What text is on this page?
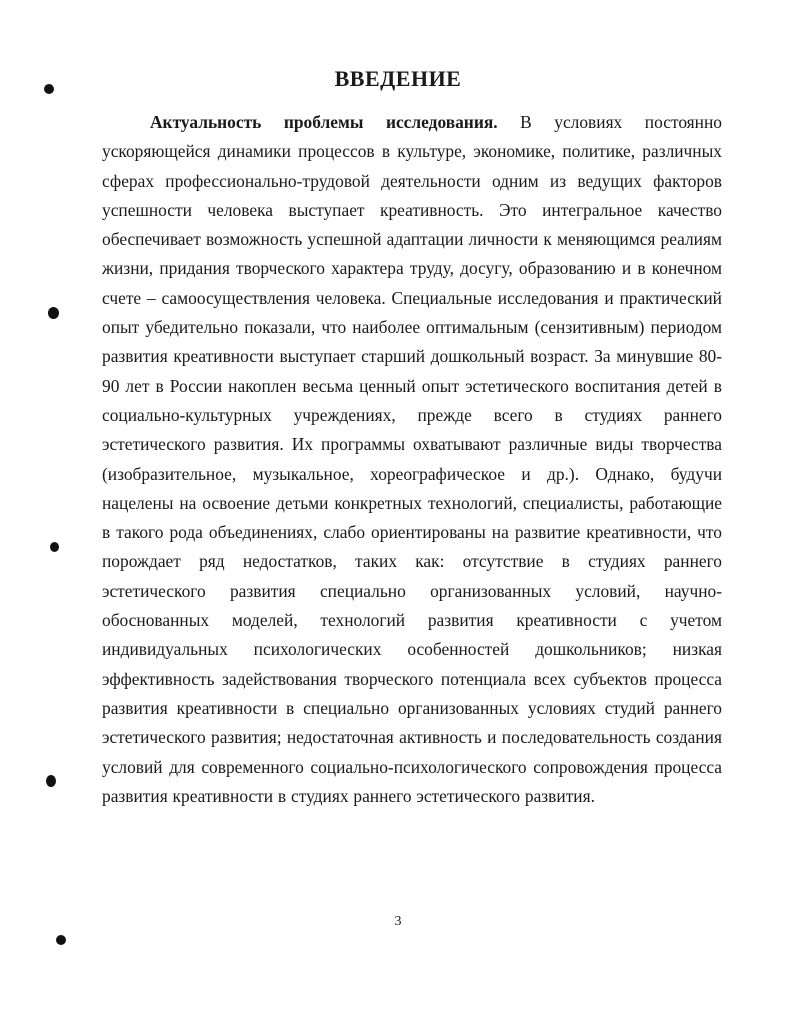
ВВЕДЕНИЕ

Актуальность проблемы исследования. В условиях постоянно ускоряющейся динамики процессов в культуре, экономике, политике, различных сферах профессионально-трудовой деятельности одним из ведущих факторов успешности человека выступает креативность. Это интегральное качество обеспечивает возможность успешной адаптации личности к меняющимся реалиям жизни, придания творческого характера труду, досугу, образованию и в конечном счете – самоосуществления человека. Специальные исследования и практический опыт убедительно показали, что наиболее оптимальным (сензитивным) периодом развития креативности выступает старший дошкольный возраст. За минувшие 80-90 лет в России накоплен весьма ценный опыт эстетического воспитания детей в социально-культурных учреждениях, прежде всего в студиях раннего эстетического развития. Их программы охватывают различные виды творчества (изобразительное, музыкальное, хореографическое и др.). Однако, будучи нацелены на освоение детьми конкретных технологий, специалисты, работающие в такого рода объединениях, слабо ориентированы на развитие креативности, что порождает ряд недостатков, таких как: отсутствие в студиях раннего эстетического развития специально организованных условий, научно-обоснованных моделей, технологий развития креативности с учетом индивидуальных психологических особенностей дошкольников; низкая эффективность задействования творческого потенциала всех субъектов процесса развития креативности в специально организованных условиях студий раннего эстетического развития; недостаточная активность и последовательность создания условий для современного социально-психологического сопровождения процесса развития креативности в студиях раннего эстетического развития.

3
